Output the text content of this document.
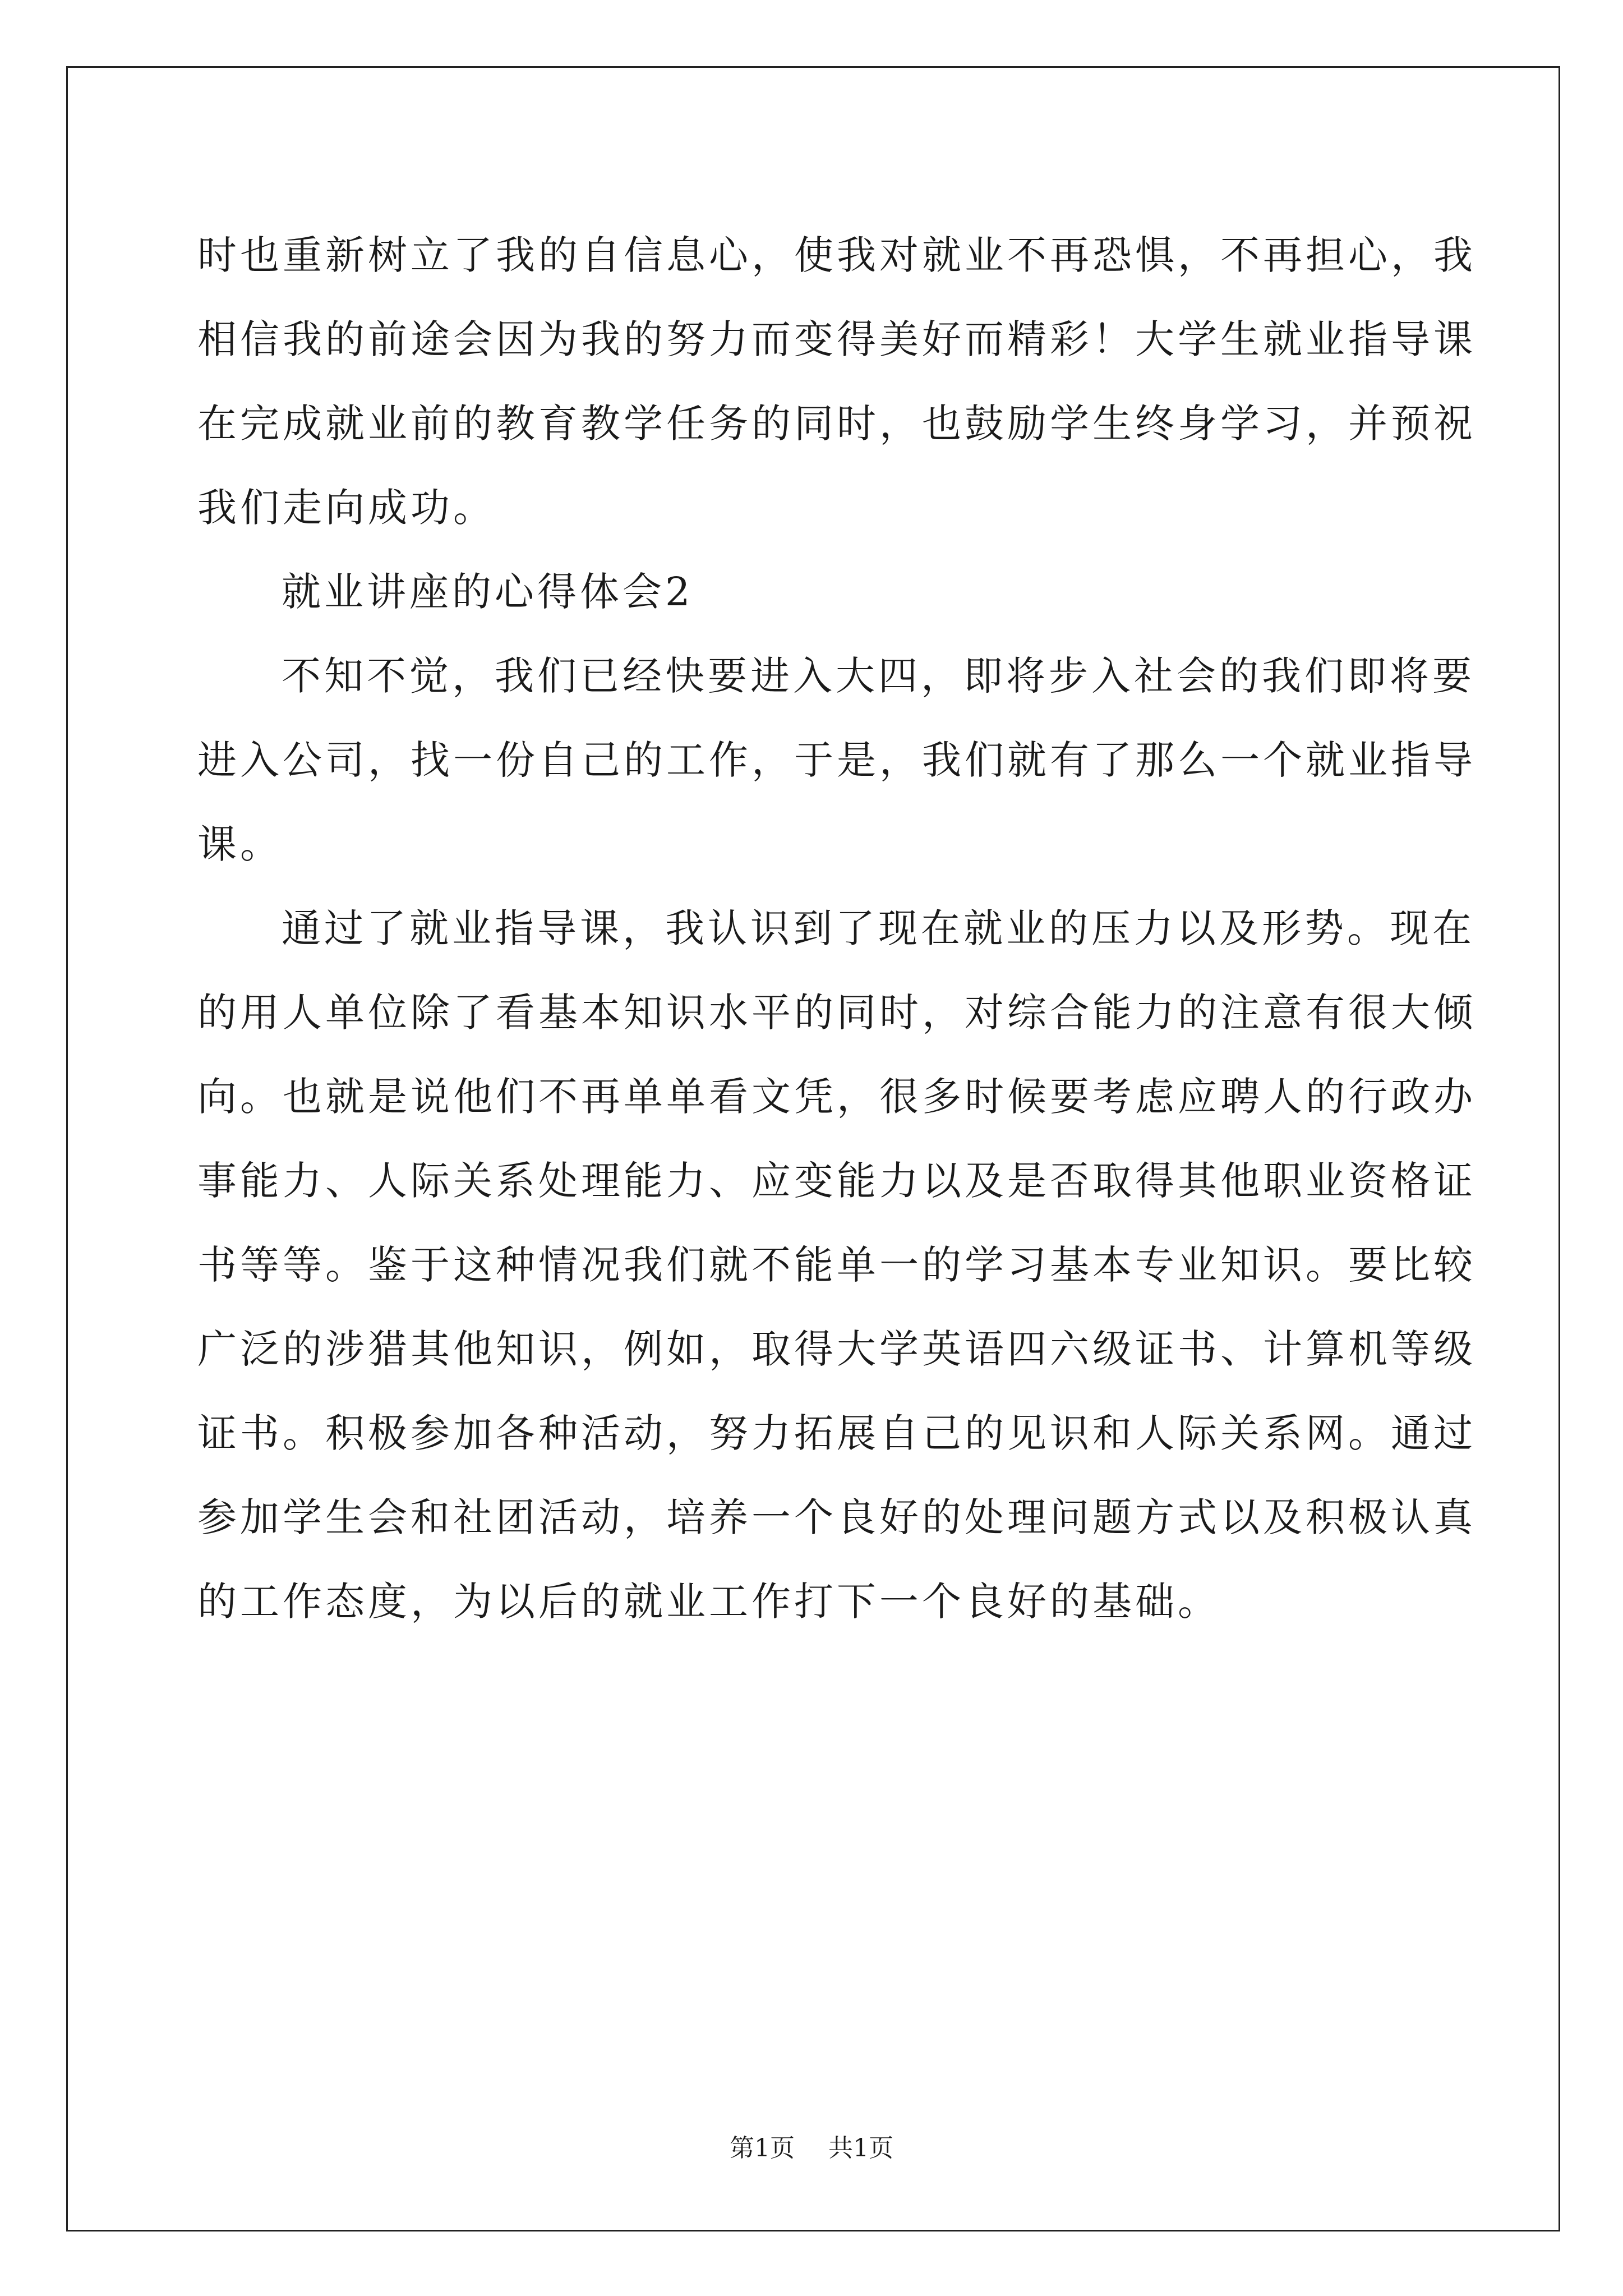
时也重新树立了我的自信息心，使我对就业不再恐惧，不再担心，我
相信我的前途会因为我的努力而变得美好而精彩！大学生就业指导课
在完成就业前的教育教学任务的同时，也鼓励学生终身学习，并预祝
我们走向成功。
就业讲座的心得体会2
不知不觉，我们已经快要进入大四，即将步入社会的我们即将要
进入公司，找一份自己的工作，于是，我们就有了那么一个就业指导
课。
通过了就业指导课，我认识到了现在就业的压力以及形势。现在
的用人单位除了看基本知识水平的同时，对综合能力的注意有很大倾
向。也就是说他们不再单单看文凭，很多时候要考虑应聘人的行政办
事能力、人际关系处理能力、应变能力以及是否取得其他职业资格证
书等等。鉴于这种情况我们就不能单一的学习基本专业知识。要比较
广泛的涉猎其他知识，例如，取得大学英语四六级证书、计算机等级
证书。积极参加各种活动，努力拓展自己的见识和人际关系网。通过
参加学生会和社团活动，培养一个良好的处理问题方式以及积极认真
的工作态度，为以后的就业工作打下一个良好的基础。
第1页 共1页
